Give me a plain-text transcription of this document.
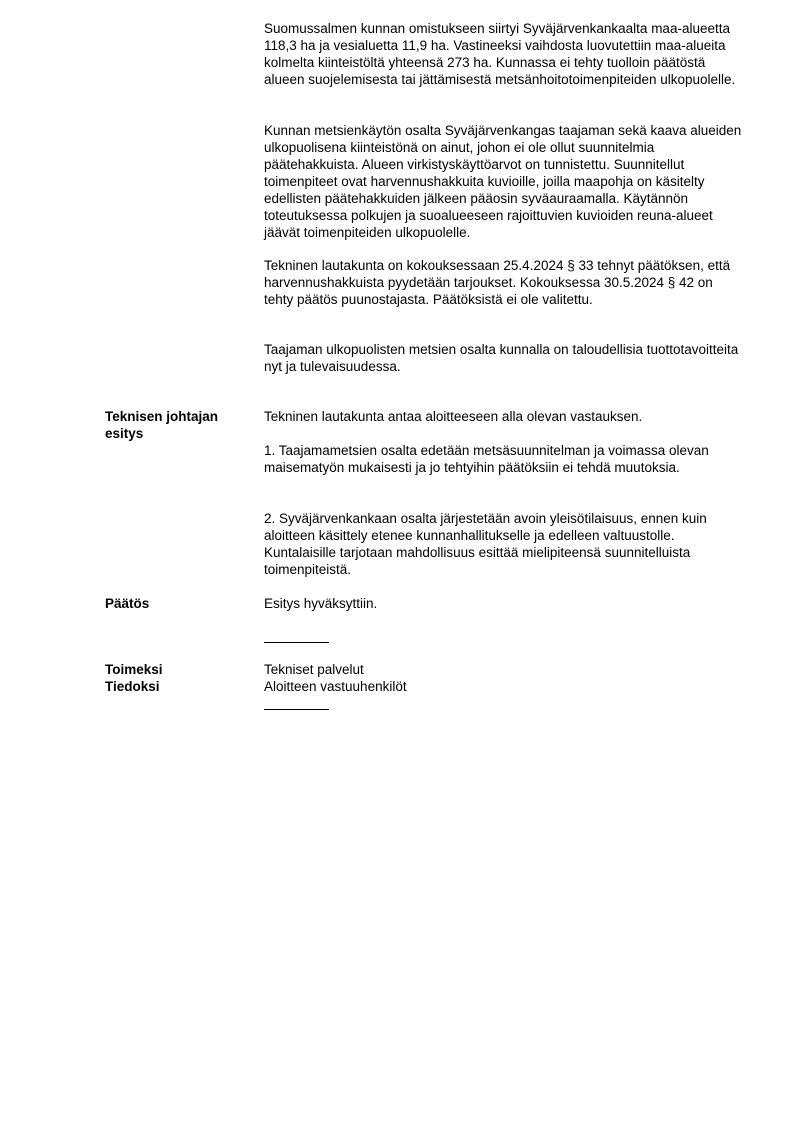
Suomussalmen kunnan omistukseen siirtyi Syväjärvenkankaalta maa-alueetta 118,3 ha ja vesialuetta 11,9 ha. Vastineeksi vaihdosta luovutettiin maa-alueita kolmelta kiinteistöltä yhteensä 273 ha. Kunnassa ei tehty tuolloin päätöstä alueen suojelemisesta tai jättämisestä metsänhoitotoimenpiteiden ulkopuolelle.

Kunnan metsienkäytön osalta Syväjärvenkangas taajaman sekä kaava alueiden ulkopuolisena kiinteistönä on ainut, johon ei ole ollut suunnitelmia päätehakkuista. Alueen virkistyskäyttöarvot on tunnistettu. Suunnitellut toimenpiteet ovat harvennushakkuita kuvioille, joilla maapohja on käsitelty edellisten päätehakkuiden jälkeen pääosin syväauraamalla. Käytännön toteutuksessa polkujen ja suoalueeseen rajoittuvien kuvioiden reuna-alueet jäävät toimenpiteiden ulkopuolelle.

Tekninen lautakunta on kokouksessaan 25.4.2024 § 33 tehnyt päätöksen, että harvennushakkuista pyydetään tarjoukset. Kokouksessa 30.5.2024 § 42 on tehty päätös puunostajasta. Päätöksistä ei ole valitettu.

Taajaman ulkopuolisten metsien osalta kunnalla on taloudellisia tuottotavoitteita nyt ja tulevaisuudessa.

Teknisen johtajan
esitys

Tekninen lautakunta antaa aloitteeseen alla olevan vastauksen.

1. Taajamametsien osalta edetään metsäsuunnitelman ja voimassa olevan maisematyön mukaisesti ja jo tehtyihin päätöksiin ei tehdä muutoksia.

2. Syväjärvenkankaan osalta järjestetään avoin yleisötilaisuus, ennen kuin aloitteen käsittely etenee kunnanhallitukselle ja edelleen valtuustolle. Kuntalaisille tarjotaan mahdollisuus esittää mielipiteensä suunnitelluista toimenpiteistä.

Päätös	Esitys hyväksyttiin.

Toimeksi	Tekniset palvelut

Tiedoksi	Aloitteen vastuuhenkilöt
